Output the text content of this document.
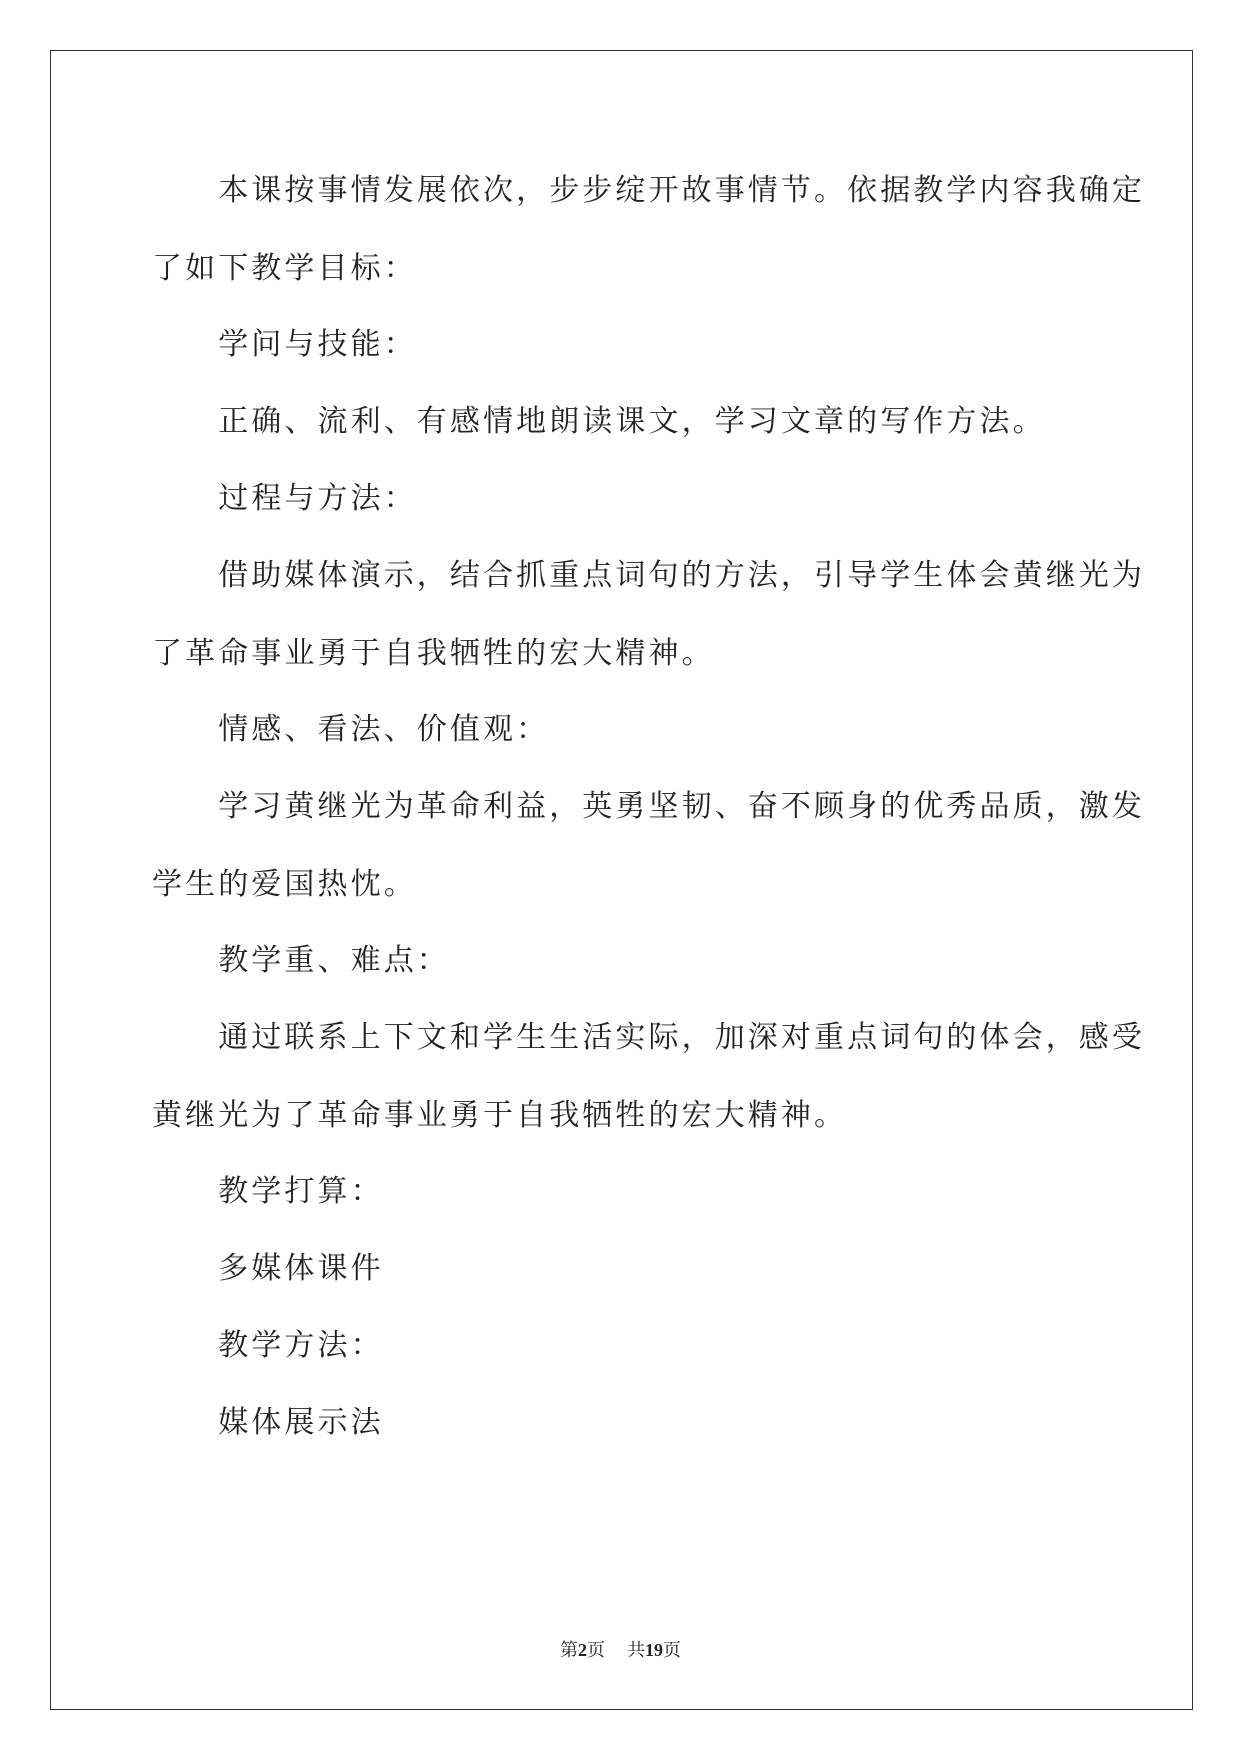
　　本课按事情发展依次，步步绽开故事情节。依据教学内容我确定
了如下教学目标：

　　学问与技能：

　　正确、流利、有感情地朗读课文，学习文章的写作方法。

　　过程与方法：

　　借助媒体演示，结合抓重点词句的方法，引导学生体会黄继光为
了革命事业勇于自我牺牲的宏大精神。

　　情感、看法、价值观：

　　学习黄继光为革命利益，英勇坚韧、奋不顾身的优秀品质，激发
学生的爱国热忱。

　　教学重、难点：

　　通过联系上下文和学生生活实际，加深对重点词句的体会，感受
黄继光为了革命事业勇于自我牺牲的宏大精神。

　　教学打算：

　　多媒体课件

　　教学方法：

　　媒体展示法

第2页 共19页
